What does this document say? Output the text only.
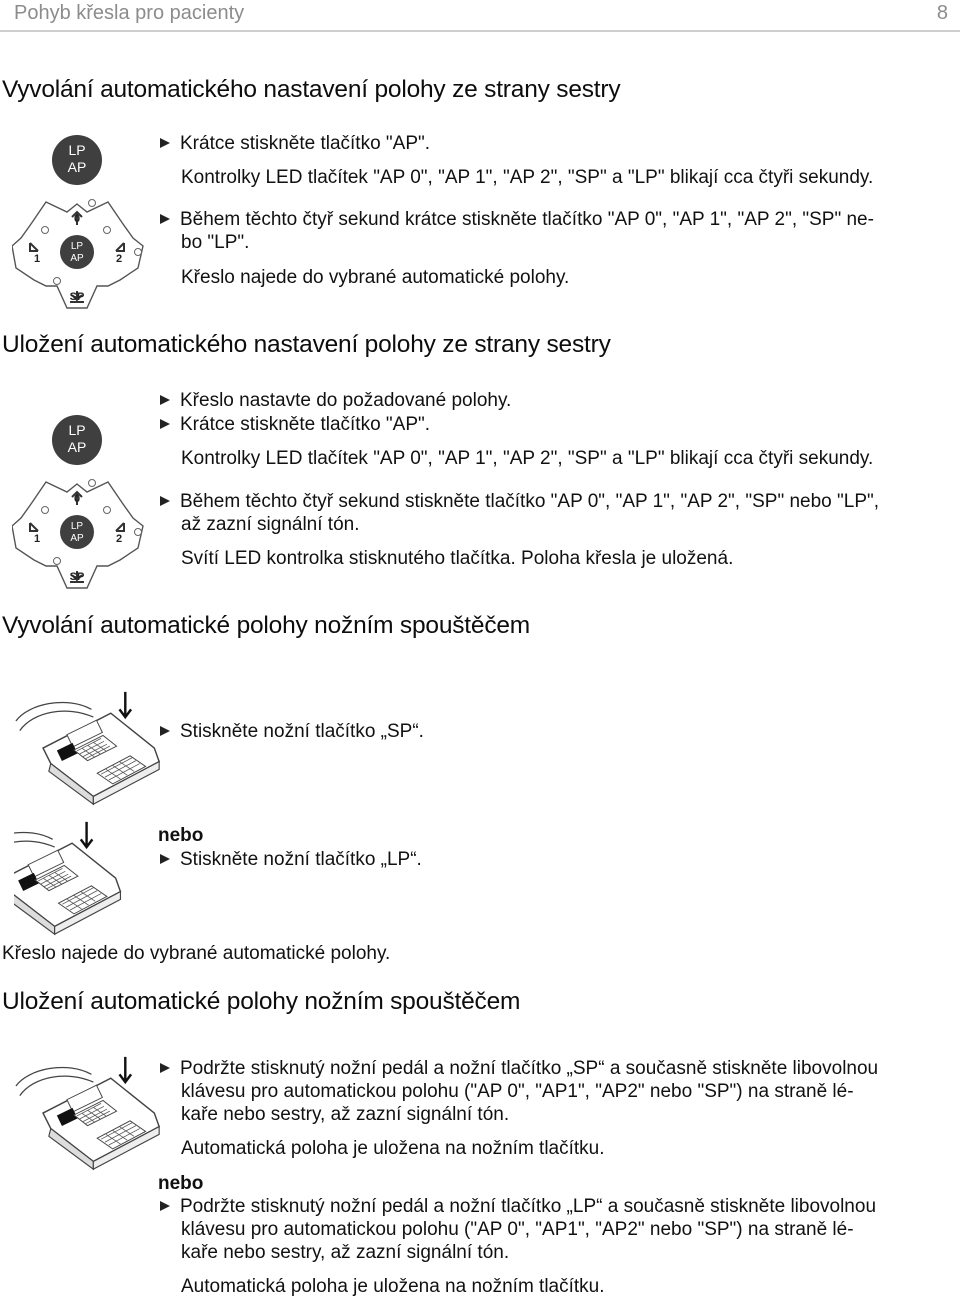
Pohyb křesla pro pacienty	8
Vyvolání automatického nastavení polohy ze strany sestry
LP
AP
LP
AP
0
1	2
SP
Krátce stiskněte tlačítko "AP".
Kontrolky LED tlačítek "AP 0", "AP 1", "AP 2", "SP" a "LP" blikají cca čtyři sekundy.
Během těchto čtyř sekund krátce stiskněte tlačítko "AP 0", "AP 1", "AP 2", "SP" ne-
bo "LP".
Křeslo najede do vybrané automatické polohy.
Uložení automatického nastavení polohy ze strany sestry
LP
AP
LP
AP
0
1	2
SP
Křeslo nastavte do požadované polohy.
Krátce stiskněte tlačítko "AP".
Kontrolky LED tlačítek "AP 0", "AP 1", "AP 2", "SP" a "LP" blikají cca čtyři sekundy.
Během těchto čtyř sekund stiskněte tlačítko "AP 0", "AP 1", "AP 2", "SP" nebo "LP",
až zazní signální tón.
Svítí LED kontrolka stisknutého tlačítka. Poloha křesla je uložená.
Vyvolání automatické polohy nožním spouštěčem
Stiskněte nožní tlačítko „SP“.
nebo
Stiskněte nožní tlačítko „LP“.
Křeslo najede do vybrané automatické polohy.
Uložení automatické polohy nožním spouštěčem
Podržte stisknutý nožní pedál a nožní tlačítko „SP“ a současně stiskněte libovolnou
klávesu pro automatickou polohu ("AP 0", "AP1", "AP2" nebo "SP") na straně lé-
kaře nebo sestry, až zazní signální tón.
Automatická poloha je uložena na nožním tlačítku.
nebo
Podržte stisknutý nožní pedál a nožní tlačítko „LP“ a současně stiskněte libovolnou
klávesu pro automatickou polohu ("AP 0", "AP1", "AP2" nebo "SP") na straně lé-
kaře nebo sestry, až zazní signální tón.
Automatická poloha je uložena na nožním tlačítku.
